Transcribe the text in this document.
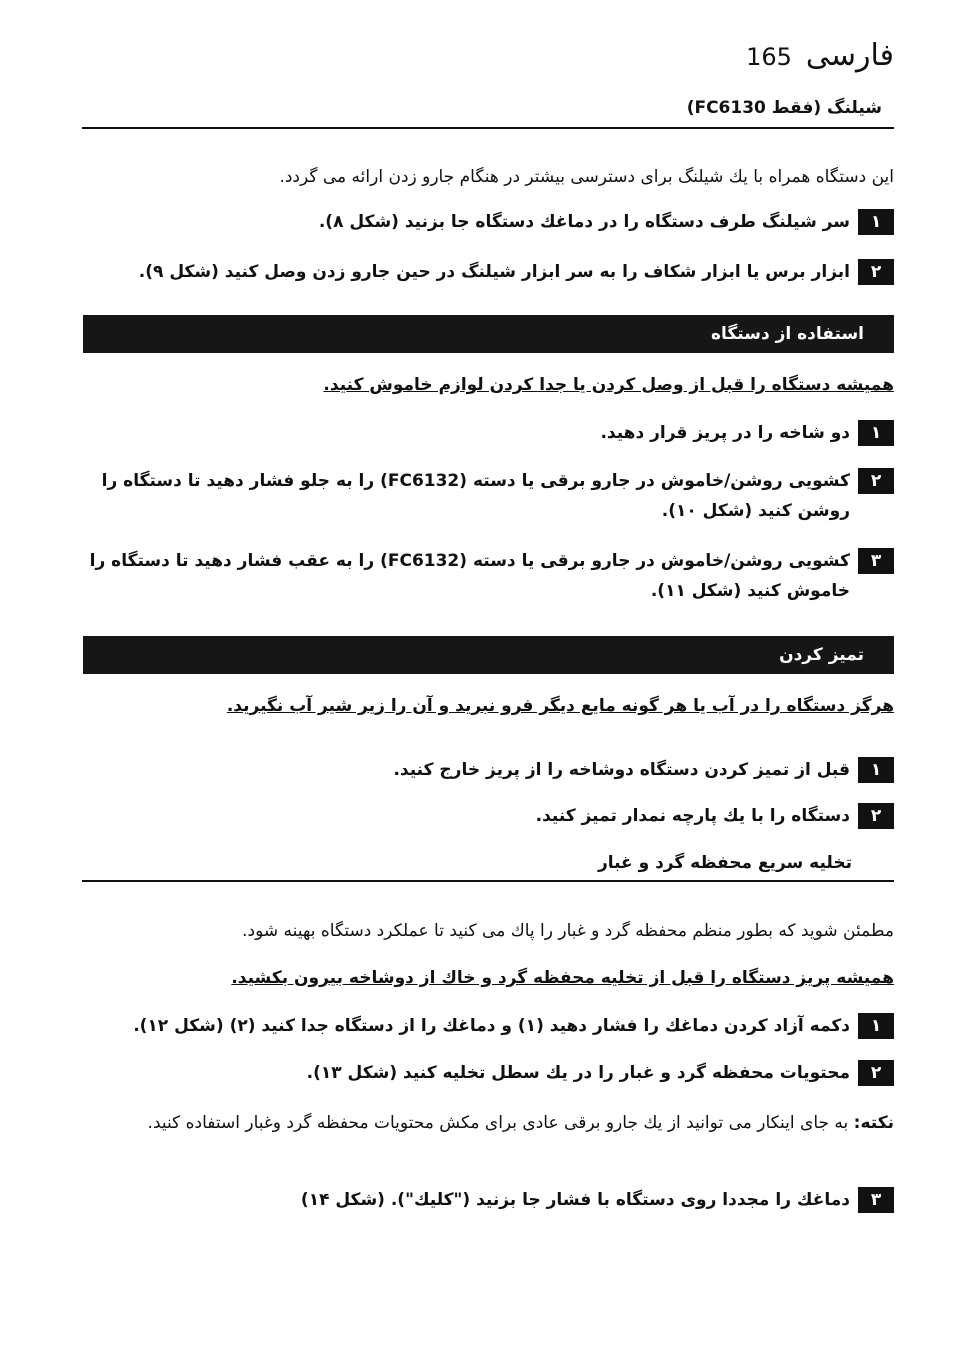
165 فارسی
شیلنگ (فقط FC6130)
این دستگاه همراه با يك شيلنگ برای دسترسی بيشتر در هنگام جارو زدن ارائه می گردد.
۱
سر شيلنگ طرف دستگاه را در دماغك دستگاه جا بزنید (شكل ۸).
۲
ابزار برس يا ابزار شكاف را به سر ابزار شيلنگ در حين جارو زدن وصل كنيد (شكل ۹).
استفاده از دستگاه
هميشه دستگاه را قبل از وصل كردن يا جدا كردن لوازم خاموش كنيد.
۱
دو شاخه را در پريز قرار دهيد.
۲
كشويی روشن/خاموش در جارو برقی يا دسته (FC6132) را به جلو فشار دهيد تا دستگاه را روشن كنيد (شكل ۱۰).
۳
كشويی روشن/خاموش در جارو برقی يا دسته (FC6132) را به عقب فشار دهيد تا دستگاه را خاموش كنيد (شكل ۱۱).
تميز كردن
هرگز دستگاه را در آب يا هر گونه مايع ديگر فرو نبريد و آن را زير شير آب نگيريد.
۱
قبل از تميز كردن دستگاه دوشاخه را از پريز خارج كنيد.
۲
دستگاه را با يك پارچه نمدار تميز كنيد.
تخليه سريع محفظه گرد و غبار
مطمئن شويد كه بطور منظم محفظه گرد و غبار را پاك می كنيد تا عملكرد دستگاه بهينه شود.
هميشه پريز دستگاه را قبل از تخليه محفظه گرد و خاك از دوشاخه بيرون بكشيد.
۱
دكمه آزاد كردن دماغك را فشار دهيد (۱) و دماغك را از دستگاه جدا كنيد (۲) (شكل ۱۲).
۲
محتويات محفظه گرد و غبار را در يك سطل تخليه كنيد (شكل ۱۳).
نكته: به جای اينكار می توانيد از يك جارو برقی عادی برای مكش محتويات محفظه گرد وغبار استفاده كنيد.
۳
دماغك را مجددا روی دستگاه با فشار جا بزنید ("كليك"). (شكل ۱۴)
